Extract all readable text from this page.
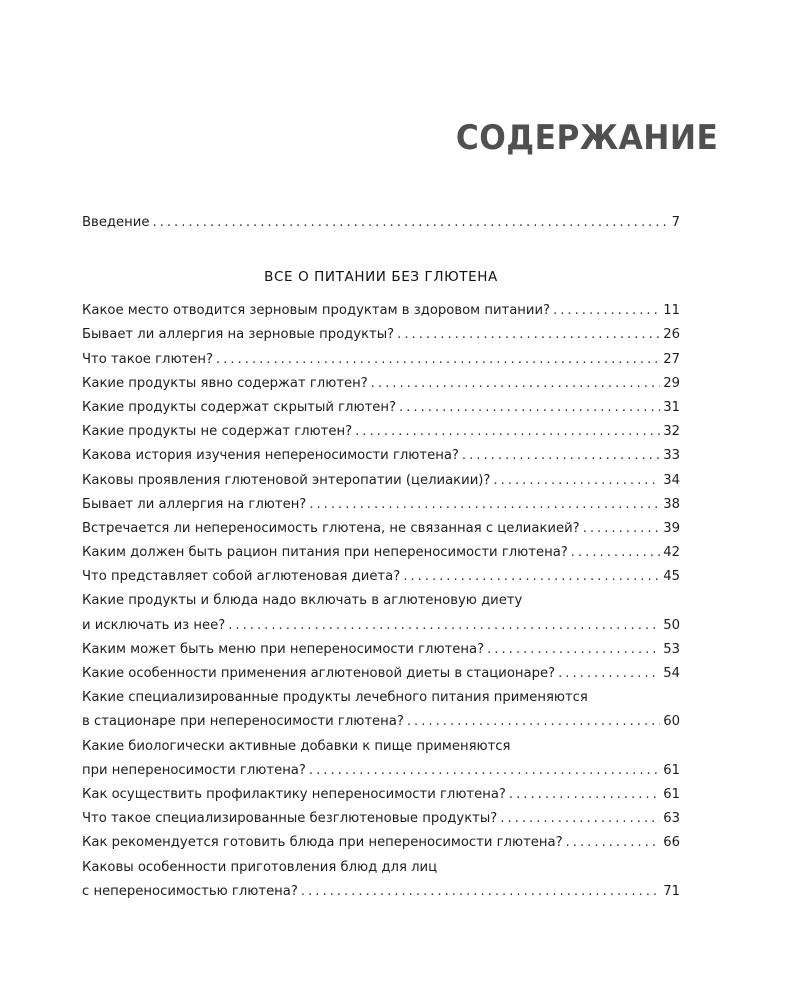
СОДЕРЖАНИЕ
Введение . . .	7
ВСЕ О ПИТАНИИ БЕЗ ГЛЮТЕНА
Какое место отводится зерновым продуктам в здоровом питании? . . .	11
Бывает ли аллергия на зерновые продукты? . . .	26
Что такое глютен? . . .	27
Какие продукты явно содержат глютен? . . .	29
Какие продукты содержат скрытый глютен? . . .	31
Какие продукты не содержат глютен? . . .	32
Какова история изучения непереносимости глютена? . . .	33
Каковы проявления глютеновой энтеропатии (целиакии)? . . .	34
Бывает ли аллергия на глютен? . . .	38
Встречается ли непереносимость глютена, не связанная с целиакией? . . .	39
Каким должен быть рацион питания при непереносимости глютена? . . .	42
Что представляет собой аглютеновая диета? . . .	45
Какие продукты и блюда надо включать в аглютеновую диету
и исключать из нее? . . .	50
Каким может быть меню при непереносимости глютена? . . .	53
Какие особенности применения аглютеновой диеты в стационаре? . . .	54
Какие специализированные продукты лечебного питания применяются
в стационаре при непереносимости глютена? . . .	60
Какие биологически активные добавки к пище применяются
при непереносимости глютена? . . .	61
Как осуществить профилактику непереносимости глютена? . . .	61
Что такое специализированные безглютеновые продукты? . . .	63
Как рекомендуется готовить блюда при непереносимости глютена? . . .	66
Каковы особенности приготовления блюд для лиц
с непереносимостью глютена? . . .	71
